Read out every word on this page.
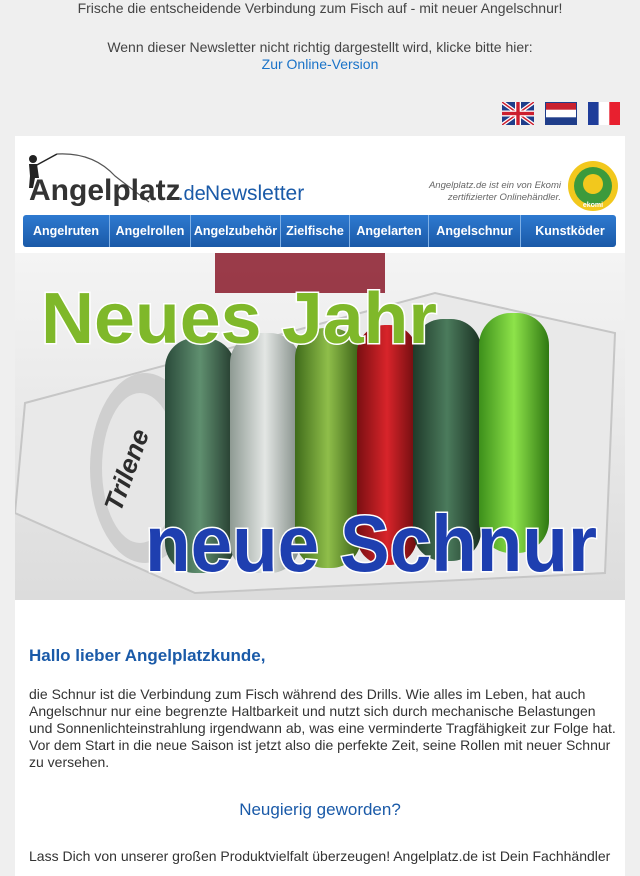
Frische die entscheidende Verbindung zum Fisch auf - mit neuer Angelschnur!
Wenn dieser Newsletter nicht richtig dargestellt wird, klicke bitte hier:
Zur Online-Version
Angelplatz
.de Newsletter	Angelplatz.de ist ein von Ekomi
zertifizierter Onlinehändler.
ekomi
Angelruten	Angelrollen Angelzubehör Zielfische	Angelarten	Angelschnur	Kunstköder
Trilene
Neues Jahr
neue Schnur
Hallo lieber Angelplatzkunde,
die Schnur ist die Verbindung zum Fisch während des Drills. Wie alles im Leben, hat auch Angelschnur nur eine begrenzte Haltbarkeit und nutzt sich durch mechanische Belastungen und Sonnenlichteinstrahlung irgendwann ab, was eine verminderte Tragfähigkeit zur Folge hat. Vor dem Start in die neue Saison ist jetzt also die perfekte Zeit, seine Rollen mit neuer Schnur zu versehen.
Neugierig geworden?
Lass Dich von unserer großen Produktvielfalt überzeugen! Angelplatz.de ist Dein Fachhändler
